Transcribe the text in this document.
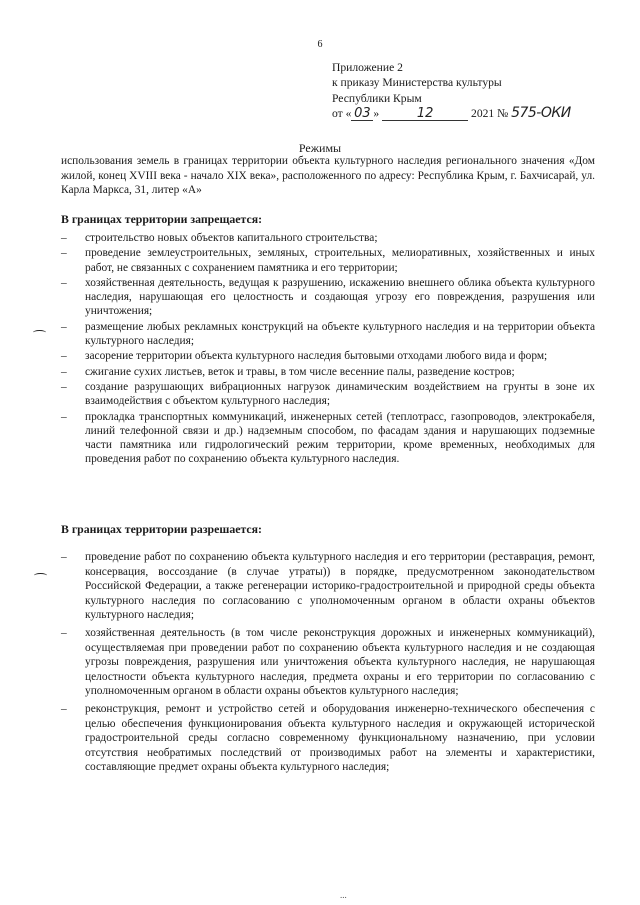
6
Приложение 2
к приказу Министерства культуры
Республики Крым
от « 03 »	12	2021 № 575-ОКИ
Режимы
использования земель в границах территории объекта культурного наследия регионального значения «Дом жилой, конец XVIII века - начало XIX века», расположенного по адресу: Республика Крым, г. Бахчисарай, ул. Карла Маркса, 31, литер «А»
В границах территории запрещается:
– строительство новых объектов капитального строительства;
– проведение землеустроительных, земляных, строительных, мелиоративных, хозяйственных и иных работ, не связанных с сохранением памятника и его территории;
– хозяйственная деятельность, ведущая к разрушению, искажению внешнего облика объекта культурного наследия, нарушающая его целостность и создающая угрозу его повреждения, разрушения или уничтожения;
– размещение любых рекламных конструкций на объекте культурного наследия и на территории объекта культурного наследия;
– засорение территории объекта культурного наследия бытовыми отходами любого вида и форм;
– сжигание сухих листьев, веток и травы, в том числе весенние палы, разведение костров;
– создание разрушающих вибрационных нагрузок динамическим воздействием на грунты в зоне их взаимодействия с объектом культурного наследия;
– прокладка транспортных коммуникаций, инженерных сетей (теплотрасс, газопроводов, электрокабеля, линий телефонной связи и др.) надземным способом, по фасадам здания и нарушающих подземные части памятника или гидрологический режим территории, кроме временных, необходимых для проведения работ по сохранению объекта культурного наследия.
В границах территории разрешается:
– проведение работ по сохранению объекта культурного наследия и его территории (реставрация, ремонт, консервация, воссоздание (в случае утраты)) в порядке, предусмотренном законодательством Российской Федерации, а также регенерации историко-градостроительной и природной среды объекта культурного наследия по согласованию с уполномоченным органом в области охраны объектов культурного наследия;
– хозяйственная деятельность (в том числе реконструкция дорожных и инженерных коммуникаций), осуществляемая при проведении работ по сохранению объекта культурного наследия и не создающая угрозы повреждения, разрушения или уничтожения объекта культурного наследия, не нарушающая целостности объекта культурного наследия, предмета охраны и его территории по согласованию с уполномоченным органом в области охраны объектов культурного наследия;
– реконструкция, ремонт и устройство сетей и оборудования инженерно-технического обеспечения с целью обеспечения функционирования объекта культурного наследия и окружающей исторической градостроительной среды согласно современному функциональному назначению, при условии отсутствия необратимых последствий от производимых работ на элементы и характеристики, составляющие предмет охраны объекта культурного наследия;
...
